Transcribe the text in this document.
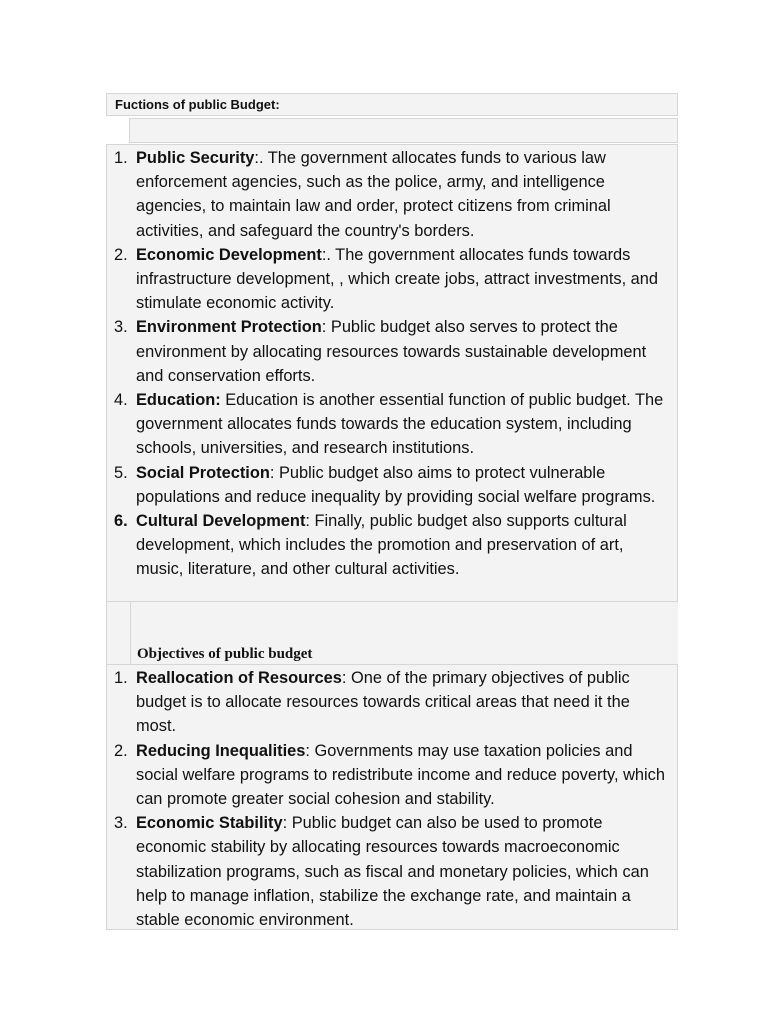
Fuctions of public Budget:
1. Public Security:. The government allocates funds to various law enforcement agencies, such as the police, army, and intelligence agencies, to maintain law and order, protect citizens from criminal activities, and safeguard the country's borders.
2. Economic Development:. The government allocates funds towards infrastructure development, , which create jobs, attract investments, and stimulate economic activity.
3. Environment Protection: Public budget also serves to protect the environment by allocating resources towards sustainable development and conservation efforts.
4. Education: Education is another essential function of public budget. The government allocates funds towards the education system, including schools, universities, and research institutions.
5. Social Protection: Public budget also aims to protect vulnerable populations and reduce inequality by providing social welfare programs.
6. Cultural Development: Finally, public budget also supports cultural development, which includes the promotion and preservation of art, music, literature, and other cultural activities.
Objectives of public budget
1. Reallocation of Resources: One of the primary objectives of public budget is to allocate resources towards critical areas that need it the most.
2. Reducing Inequalities: Governments may use taxation policies and social welfare programs to redistribute income and reduce poverty, which can promote greater social cohesion and stability.
3. Economic Stability: Public budget can also be used to promote economic stability by allocating resources towards macroeconomic stabilization programs, such as fiscal and monetary policies, which can help to manage inflation, stabilize the exchange rate, and maintain a stable economic environment.
